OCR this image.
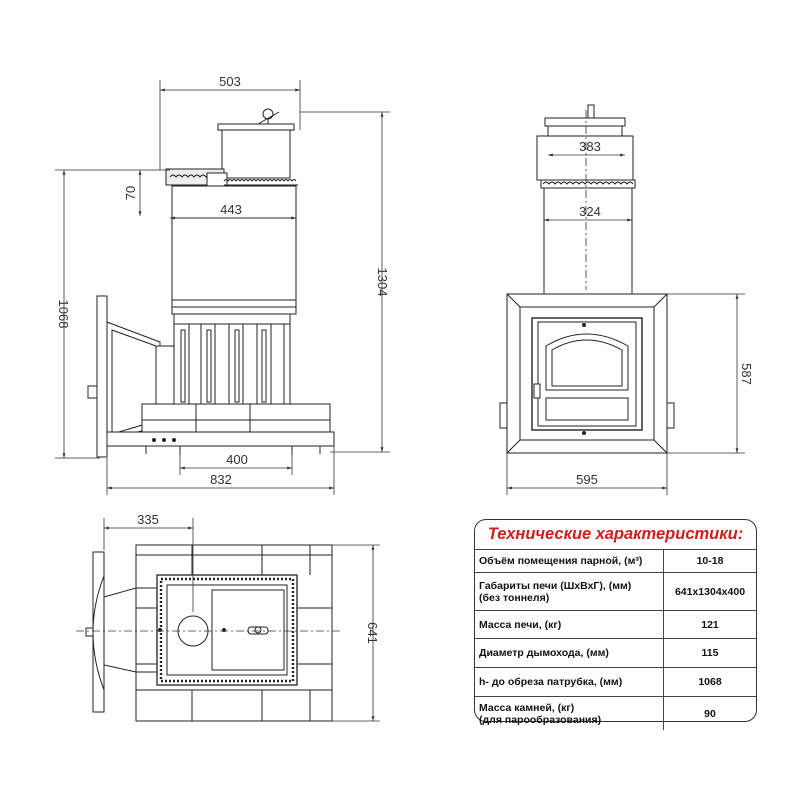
503
1304
1068
443
70
400
832
383
324
587
595
335
641
Технические характеристики:
Объём помещения парной, (м³)	10-18

Габариты печи (ШхВхГ), (мм)
(без тоннеля)	641х1304х400

Масса печи, (кг)	121

Диаметр дымохода, (мм)	115

h- до обреза патрубка, (мм)	1068

Масса камней, (кг)
(для парообразования)	90
